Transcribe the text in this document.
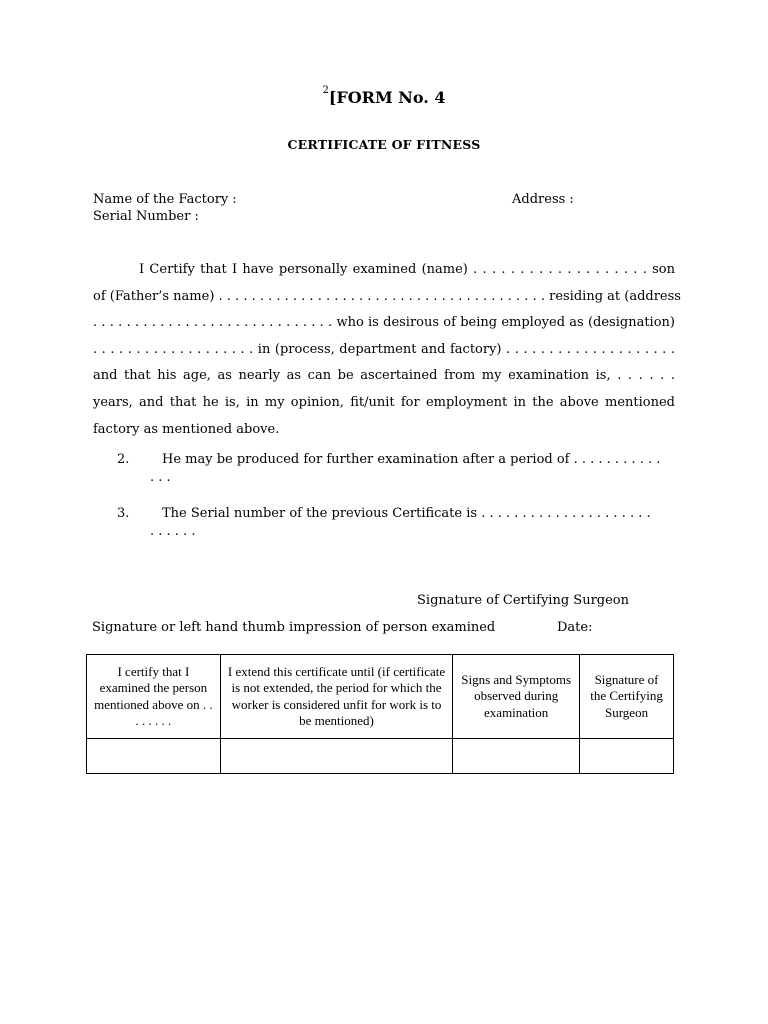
$^2$[FORM No. 4
CERTIFICATE OF FITNESS
Name of the Factory :	Address :
Serial Number :
I Certify that I have personally examined (name) . . . . . . . . . . . . . . . . . . . son
of (Father’s name) . . . . . . . . . . . . . . . . . . . . . . . . . . . . . . . . . . . . . . . . residing at (address
. . . . . . . . . . . . . . . . . . . . . . . . . . . . . who is desirous of being employed as (designation)
. . . . . . . . . . . . . . . . . . . in (process, department and factory) . . . . . . . . . . . . . . . . . . . .
and that his age, as nearly as can be ascertained from my examination is, . . . . . .
years, and that he is, in my opinion, fit/unit for employment in the above mentioned
factory as mentioned above.
2.	He may be produced for further examination after a period of . . . . . . . . . . .
. . .
3.	The Serial number of the previous Certificate is . . . . . . . . . . . . . . . . . . . . .
. . . . . .
Signature of Certifying Surgeon
Signature or left hand thumb impression of person examined	Date:
I certify that I examined the person mentioned above on . . . . . . . .	I extend this certificate until (if certificate is not extended, the period for which the worker is considered unfit for work is to be mentioned)	Signs and Symptoms observed during examination	Signature of the Certifying Surgeon
